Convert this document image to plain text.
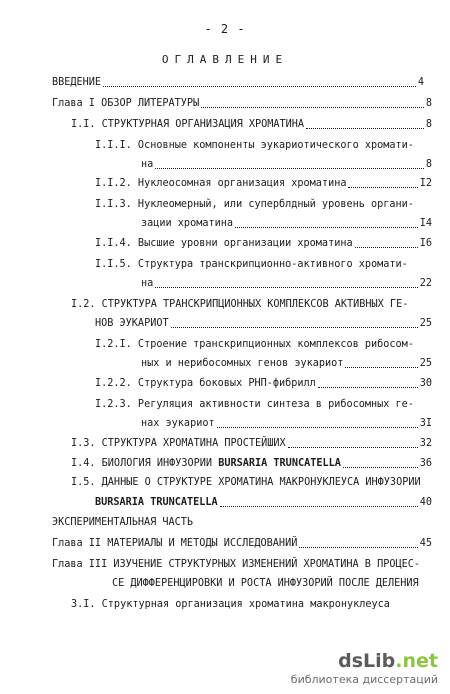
- 2 -
ОГЛАВЛЕНИЕ
ВВЕДЕНИЕ	4
Глава I ОБЗОР ЛИТЕРАТУРЫ	8
I.I. СТРУКТУРНАЯ ОРГАНИЗАЦИЯ ХРОМАТИНА	8
I.I.I. Основные компоненты эукариотического хромати-
на	8
I.I.2. Нуклеосомная организация хроматина	I2
I.I.3. Нуклеомерный, или суперблдный уровень органи-
зации хроматина	I4
I.I.4. Высшие уровни организации хроматина	I6
I.I.5. Структура транскрипционно-активного хромати-
на	22
I.2. СТРУКТУРА ТРАНСКРИПЦИОННЫХ КОМПЛЕКСОВ АКТИВНЫХ ГЕ-
НОВ ЭУКАРИОТ	25
I.2.I. Строение транскрипционных комплексов рибосом-
ных и нерибосомных генов эукариот	25
I.2.2. Структура боковых РНП-фибрилл	30
I.2.3. Регуляция активности синтеза в рибосомных ге-
нах эукариот	3I
I.3. СТРУКТУРА ХРОМАТИНА ПРОСТЕЙШИХ	32
I.4. БИОЛОГИЯ ИНФУЗОРИИ BURSARIA TRUNCATELLA	36
I.5. ДАННЫЕ О СТРУКТУРЕ ХРОМАТИНА МАКРОНУКЛЕУСА ИНФУЗОРИИ
BURSARIA TRUNCATELLA	40
ЭКСПЕРИМЕНТАЛЬНАЯ ЧАСТЬ
Глава II МАТЕРИАЛЫ И МЕТОДЫ ИССЛЕДОВАНИЙ	45
Глава III ИЗУЧЕНИЕ СТРУКТУРНЫХ ИЗМЕНЕНИЙ ХРОМАТИНА В ПРОЦЕС-
СЕ ДИФФЕРЕНЦИРОВКИ И РОСТА ИНФУЗОРИЙ ПОСЛЕ ДЕЛЕНИЯ
3.I. Структурная организация хроматина макронуклеуса
dsLib.net
библиотека диссертаций
